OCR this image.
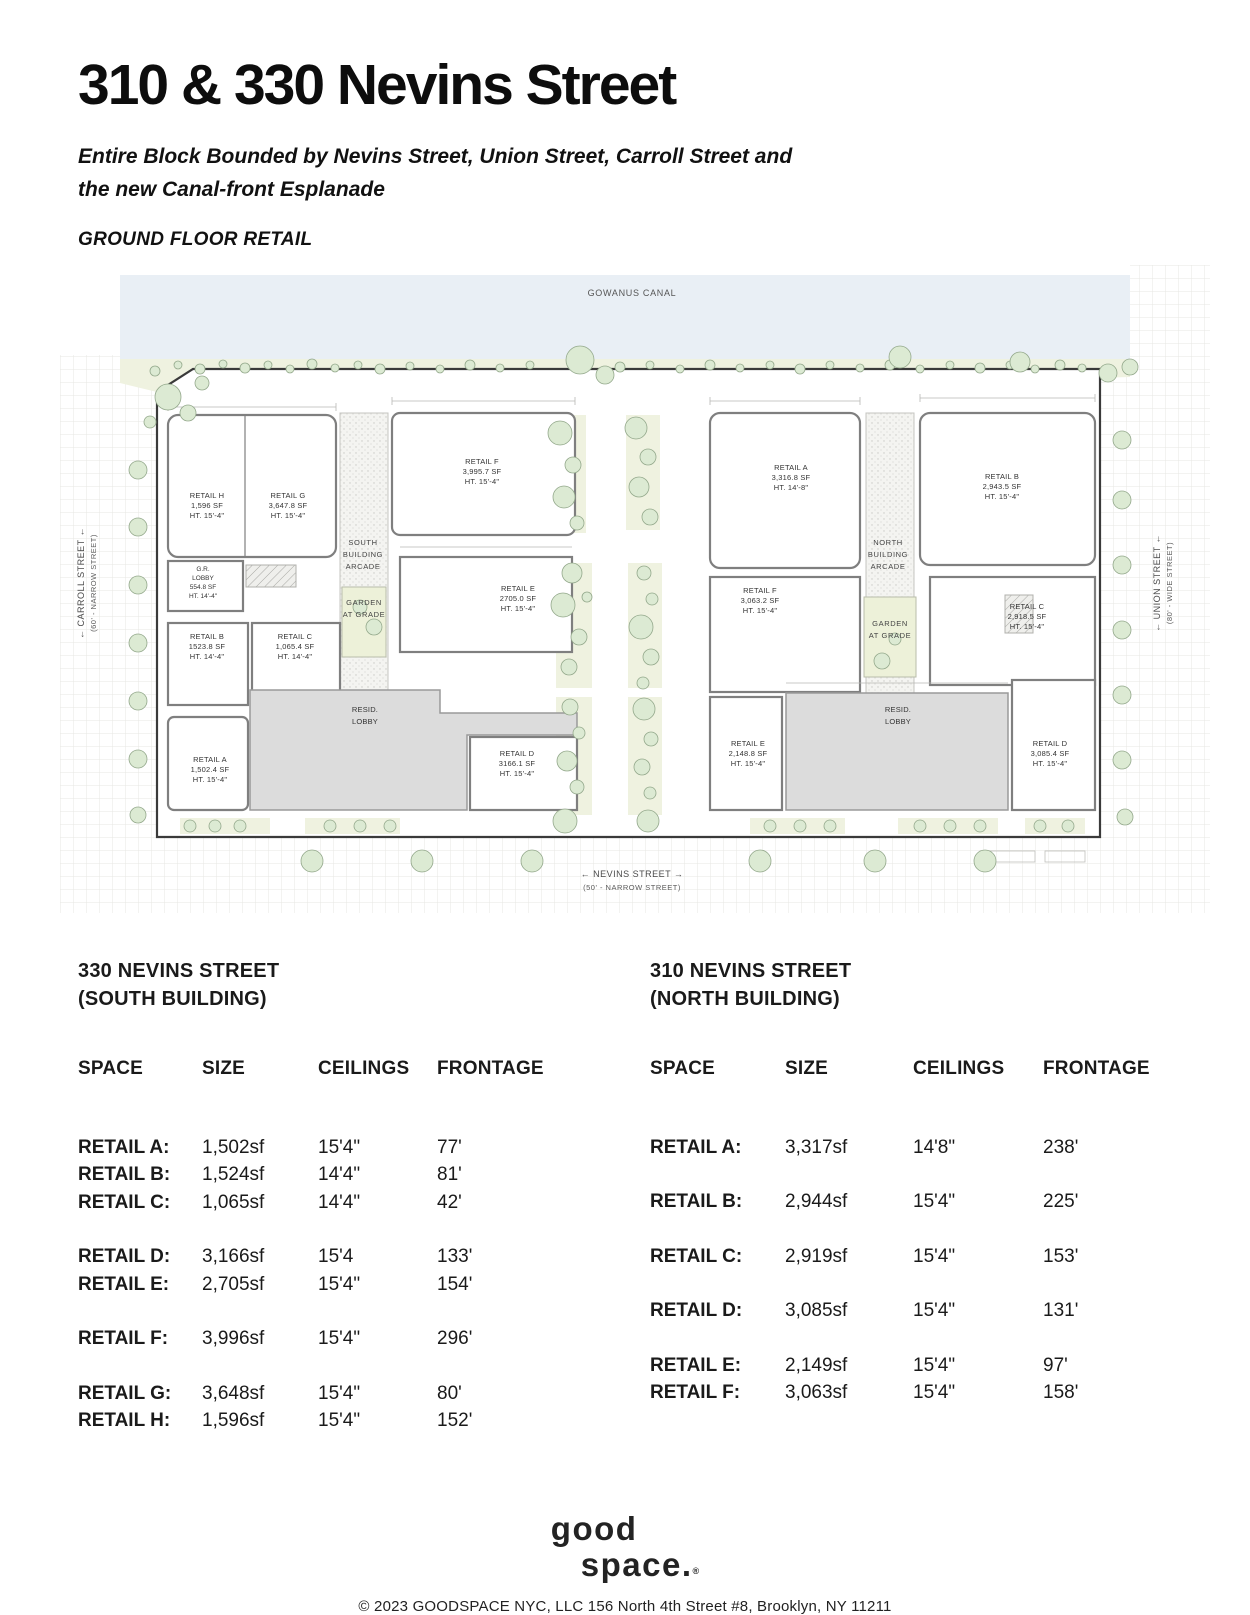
310 & 330 Nevins Street
Entire Block Bounded by Nevins Street, Union Street, Carroll Street and
the new Canal-front Esplanade
GROUND FLOOR RETAIL
GOWANUS CANAL
RETAIL H
1,596 SF
HT. 15'-4"
RETAIL G
3,647.8 SF
HT. 15'-4"
RETAIL F
3,995.7 SF
HT. 15'-4"
SOUTH
BUILDING
ARCADE
G.R.
LOBBY
554.8 SF
HT. 14'-4"
GARDEN
AT GRADE
RETAIL E
2705.0 SF
HT. 15'-4"
RETAIL B
1523.8 SF
HT. 14'-4"
RETAIL C
1,065.4 SF
HT. 14'-4"
RESID.
LOBBY
RETAIL A
1,502.4 SF
HT. 15'-4"
RETAIL D
3166.1 SF
HT. 15'-4"
RETAIL A
3,316.8 SF
HT. 14'-8"
RETAIL B
2,943.5 SF
HT. 15'-4"
NORTH
BUILDING
ARCADE
RETAIL F
3,063.2 SF
HT. 15'-4"
GARDEN
AT GRADE
RETAIL C
2,918.5 SF
HT. 15'-4"
RETAIL E
2,148.8 SF
HT. 15'-4"
RESID.
LOBBY
RETAIL D
3,085.4 SF
HT. 15'-4"
← CARROLL STREET ← (60' - NARROW STREET)	← UNION STREET ← (80' - WIDE STREET)
← NEVINS STREET →
(50' - NARROW STREET)
330 NEVINS STREET
(SOUTH BUILDING)
SPACE	SIZE	CEILINGS	FRONTAGE
RETAIL A:	1,502sf	15'4"	77'
RETAIL B:	1,524sf	14'4"	81'
RETAIL C:	1,065sf	14'4"	42'
RETAIL D:	3,166sf	15'4	133'
RETAIL E:	2,705sf	15'4"	154'
RETAIL F:	3,996sf	15'4"	296'
RETAIL G:	3,648sf	15'4"	80'
RETAIL H:	1,596sf	15'4"	152'
310 NEVINS STREET
(NORTH BUILDING)
SPACE	SIZE	CEILINGS	FRONTAGE
RETAIL A:	3,317sf	14'8"	238'
RETAIL B:	2,944sf	15'4"	225'
RETAIL C:	2,919sf	15'4"	153'
RETAIL D:	3,085sf	15'4"	131'
RETAIL E:	2,149sf	15'4"	97'
RETAIL F:	3,063sf	15'4"	158'
good
space.®
© 2023 GOODSPACE NYC, LLC 156 North 4th Street #8, Brooklyn, NY 11211
